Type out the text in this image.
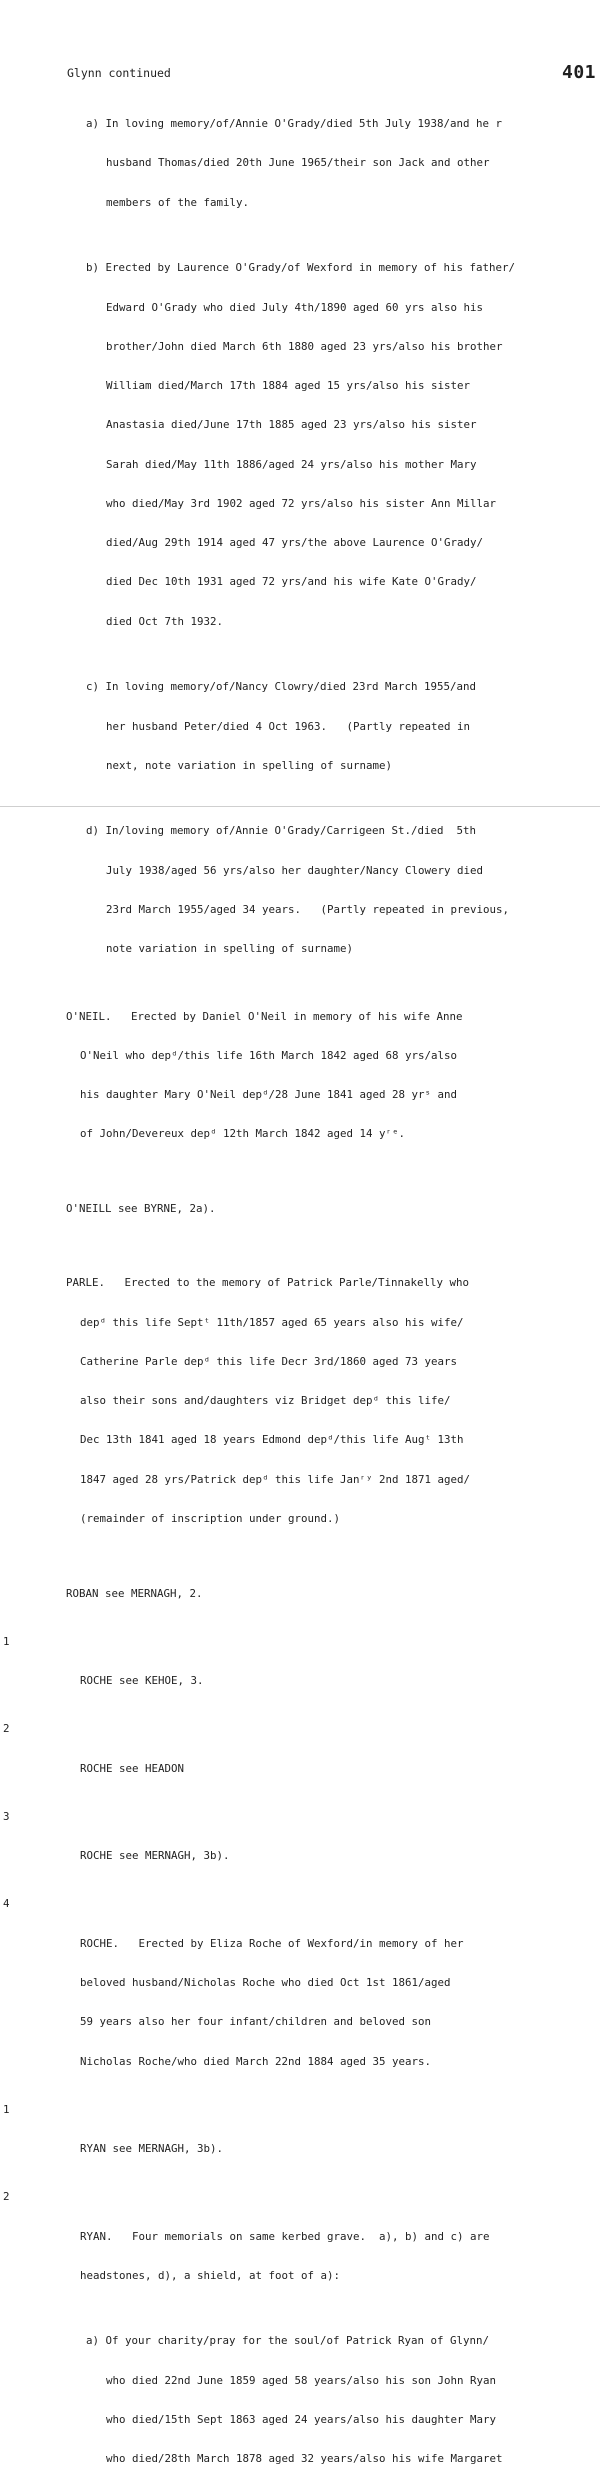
Glynn continued	401

a) In loving memory/of/Annie O'Grady/died 5th July 1938/and he r

husband Thomas/died 20th June 1965/their son Jack and other

members of the family.

b) Erected by Laurence O'Grady/of Wexford in memory of his father/

Edward O'Grady who died July 4th/1890 aged 60 yrs also his

brother/John died March 6th 1880 aged 23 yrs/also his brother

William died/March 17th 1884 aged 15 yrs/also his sister

Anastasia died/June 17th 1885 aged 23 yrs/also his sister

Sarah died/May 11th 1886/aged 24 yrs/also his mother Mary

who died/May 3rd 1902 aged 72 yrs/also his sister Ann Millar

died/Aug 29th 1914 aged 47 yrs/the above Laurence O'Grady/

died Dec 10th 1931 aged 72 yrs/and his wife Kate O'Grady/

died Oct 7th 1932.

c) In loving memory/of/Nancy Clowry/died 23rd March 1955/and

her husband Peter/died 4 Oct 1963.   (Partly repeated in

next, note variation in spelling of surname)

d) In/loving memory of/Annie O'Grady/Carrigeen St./died  5th

July 1938/aged 56 yrs/also her daughter/Nancy Clowery died

23rd March 1955/aged 34 years.   (Partly repeated in previous,

note variation in spelling of surname)

O'NEIL.   Erected by Daniel O'Neil in memory of his wife Anne

O'Neil who depᵈ/this life 16th March 1842 aged 68 yrs/also

his daughter Mary O'Neil depᵈ/28 June 1841 aged 28 yrˢ and

of John/Devereux depᵈ 12th March 1842 aged 14 yʳᵉ.

O'NEILL see BYRNE, 2a).

PARLE.   Erected to the memory of Patrick Parle/Tinnakelly who

depᵈ this life Septᵗ 11th/1857 aged 65 years also his wife/

Catherine Parle depᵈ this life Decr 3rd/1860 aged 73 years

also their sons and/daughters viz Bridget depᵈ this life/

Dec 13th 1841 aged 18 years Edmond depᵈ/this life Augᵗ 13th

1847 aged 28 yrs/Patrick depᵈ this life Janʳʸ 2nd 1871 aged/

(remainder of inscription under ground.)

ROBAN see MERNAGH, 2.

1

ROCHE see KEHOE, 3.

2

ROCHE see HEADON

3

ROCHE see MERNAGH, 3b).

4

ROCHE.   Erected by Eliza Roche of Wexford/in memory of her

beloved husband/Nicholas Roche who died Oct 1st 1861/aged

59 years also her four infant/children and beloved son

Nicholas Roche/who died March 22nd 1884 aged 35 years.

1

RYAN see MERNAGH, 3b).

2

RYAN.   Four memorials on same kerbed grave.  a), b) and c) are

headstones, d), a shield, at foot of a):

a) Of your charity/pray for the soul/of Patrick Ryan of Glynn/

who died 22nd June 1859 aged 58 years/also his son John Ryan

who died/15th Sept 1863 aged 24 years/also his daughter Mary

who died/28th March 1878 aged 32 years/also his wife Margaret
